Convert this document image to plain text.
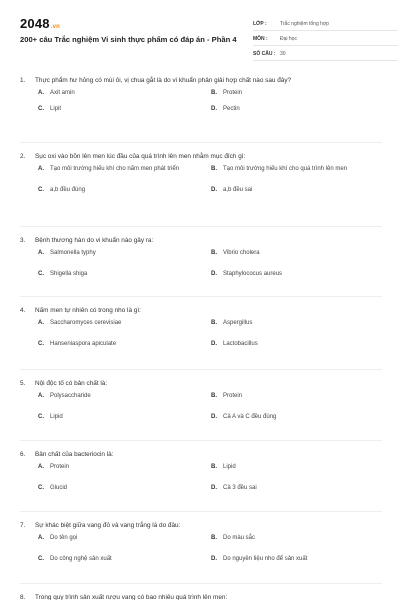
2048.vn
200+ câu Trắc nghiệm Vi sinh thực phẩm có đáp án - Phần 4
LỚP :	Trắc nghiệm tổng hợp
MÔN :	Đại học
SỐ CÂU : 30
1.	Thực phẩm hư hỏng có mùi ôi, vị chua gắt là do vi khuẩn phân giải hợp chất nào sau đây?
A.	Axit amin	B.	Protein
C.	Lipit	D.	Pectin
2.	Sục oxi vào bồn lên men lúc đầu của quá trình lên men nhằm mục đích gì:
A.	Tạo môi trường hiếu khí cho nấm men phát triển	B.	Tạo môi trường hiếu khí cho quá trình lên men
C.	a,b đều đúng	D.	a,b đều sai
3.	Bệnh thương hàn do vi khuẩn nào gây ra:
A.	Salmonella typhy	B.	Vibrio cholera
C.	Shigella shiga	D.	Staphylococus aureus
4.	Nấm men tự nhiên có trong nho là gì:
A.	Saccharomyces cerevisiae	B.	Aspergillus
C.	Hanseniaspora apiculate	D.	Lactobacillus
5.	Nội độc tố có bản chất là:
A.	Polysaccharide	B.	Protein
C.	Lipid	D.	Cả A và C đều đúng
6.	Bản chất của bacteriocin là:
A.	Protein	B.	Lipid
C.	Glucid	D.	Cả 3 đều sai
7.	Sự khác biệt giữa vang đỏ và vang trắng là do đâu:
A.	Do tên gọi	B.	Do màu sắc
C.	Do công nghệ sản xuất	D.	Do nguyên liệu nho để sản xuất
8.	Trong quy trình sản xuất rượu vang có bao nhiêu quá trình lên men:
